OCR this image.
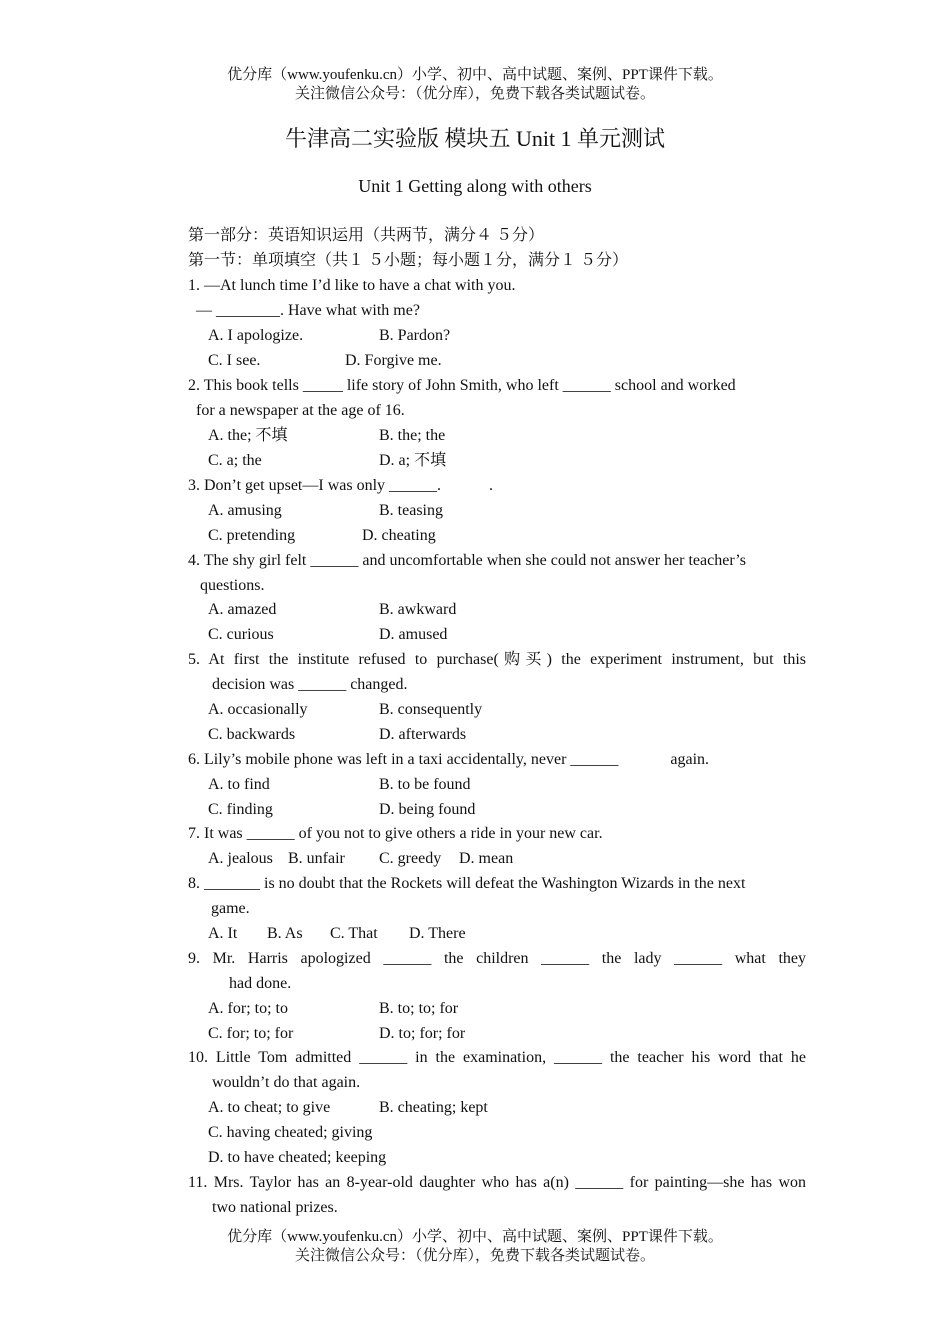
优分库（www.youfenku.cn）小学、初中、高中试题、案例、PPT课件下载。
关注微信公众号：（优分库），免费下载各类试题试卷。
牛津高二实验版 模块五 Unit 1 单元测试
Unit 1 Getting along with others
第一部分：英语知识运用（共两节，满分４ ５分）
第一节：单项填空（共１ ５小题；每小题１分，满分１ ５分）
1. —At lunch time I’d like to have a chat with you.
— ________. Have what with me?
A. I apologize.	B. Pardon?
C. I see.	D. Forgive me.
2. This book tells _____ life story of John Smith, who left ______ school and worked
for a newspaper at the age of 16.
A. the; 不填	B. the; the
C. a; the	D. a; 不填
3. Don’t get upset—I was only ______.            .
A. amusing	B. teasing
C. pretending	D. cheating
4. The shy girl felt ______ and uncomfortable when she could not answer her teacher’s
questions.
A. amazed	B. awkward
C. curious	D. amused
5. At first the institute refused to purchase(购买) the experiment instrument, but this
decision was ______ changed.
A. occasionally	B. consequently
C. backwards	D. afterwards
6. Lily’s mobile phone was left in a taxi accidentally, never ______             again.
A. to find	B. to be found
C. finding	D. being found
7. It was ______ of you not to give others a ride in your new car.
A. jealous B. unfair C. greedy D. mean
8. _______ is no doubt that the Rockets will defeat the Washington Wizards in the next
game.
A. It B. As C. That D. There
9. Mr. Harris apologized ______ the children ______ the lady ______ what they
had done.
A. for; to; to	B. to; to; for
C. for; to; for	D. to; for; for
10. Little Tom admitted ______ in the examination, ______ the teacher his word that he
wouldn’t do that again.
A. to cheat; to give	B. cheating; kept
C. having cheated; giving
D. to have cheated; keeping
11. Mrs. Taylor has an 8-year-old daughter who has a(n) ______ for painting—she has won
two national prizes.
优分库（www.youfenku.cn）小学、初中、高中试题、案例、PPT课件下载。
关注微信公众号：（优分库），免费下载各类试题试卷。
